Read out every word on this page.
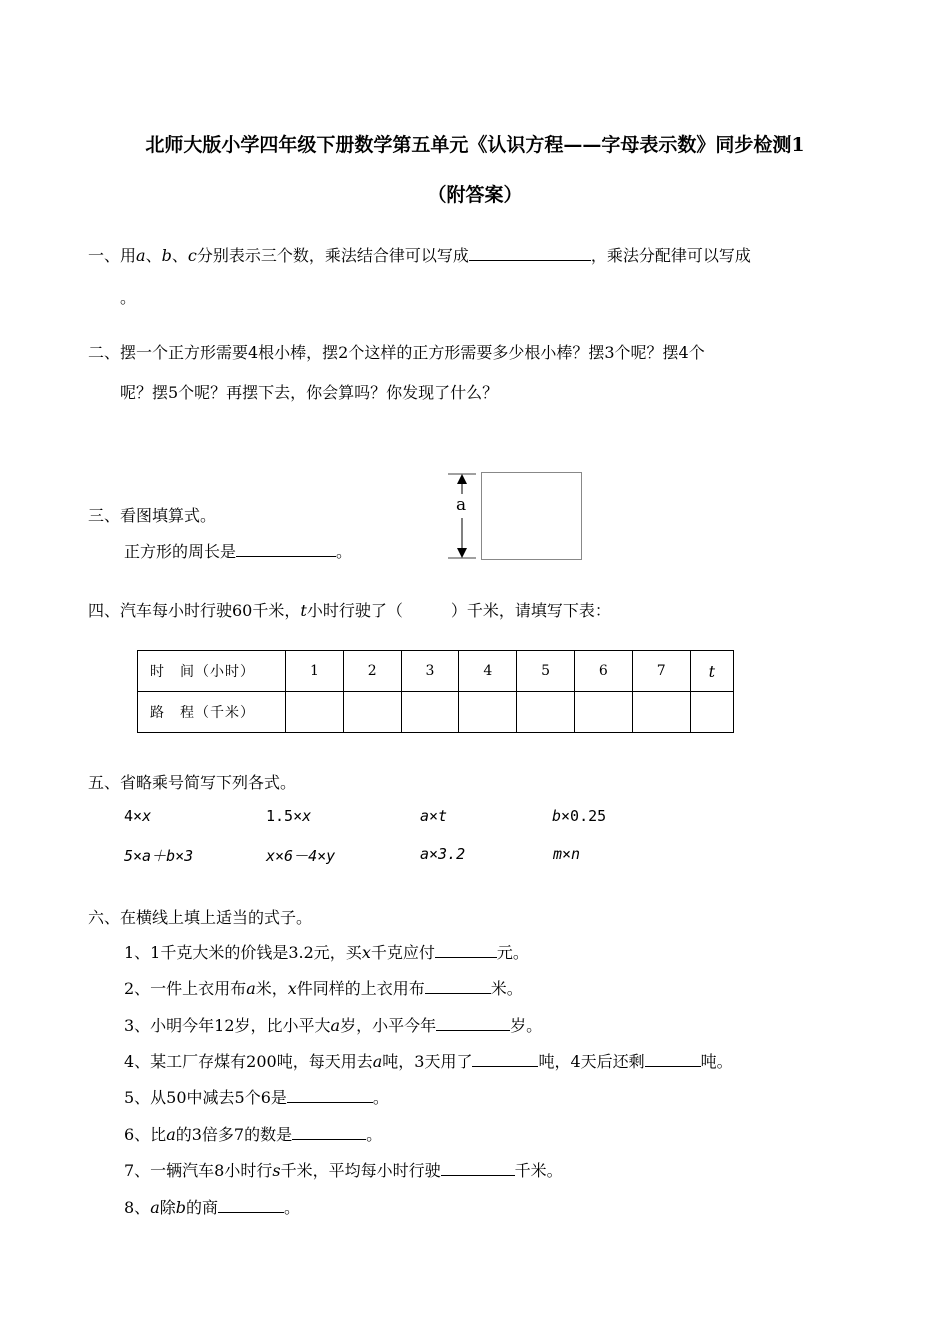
北师大版小学四年级下册数学第五单元《认识方程——字母表示数》同步检测1
（附答案）
一、用a、b、c分别表示三个数，乘法结合律可以写成	，乘法分配律可以写成
。
二、摆一个正方形需要4根小棒，摆2个这样的正方形需要多少根小棒？摆3个呢？摆4个
呢？摆5个呢？再摆下去，你会算吗？你发现了什么？
三、看图填算式。
正方形的周长是	。
a
四、汽车每小时行驶60千米，t小时行驶了（　　　）千米，请填写下表：
时　间（小时）	1	2	3	4	5	6	7	t
路　程（千米）								
五、省略乘号简写下列各式。
4×x	1.5×x	a×t	b×0.25
5×a＋b×3	x×6－4×y	a×3.2	m×n
六、在横线上填上适当的式子。
1、1千克大米的价钱是3.2元，买x千克应付	元。
2、一件上衣用布a米，x件同样的上衣用布	米。
3、小明今年12岁，比小平大a岁，小平今年	岁。
4、某工厂存煤有200吨，每天用去a吨，3天用了	吨，4天后还剩	吨。
5、从50中减去5个6是	。
6、比a的3倍多7的数是	。
7、一辆汽车8小时行s千米，平均每小时行驶	千米。
8、a除b的商	。
